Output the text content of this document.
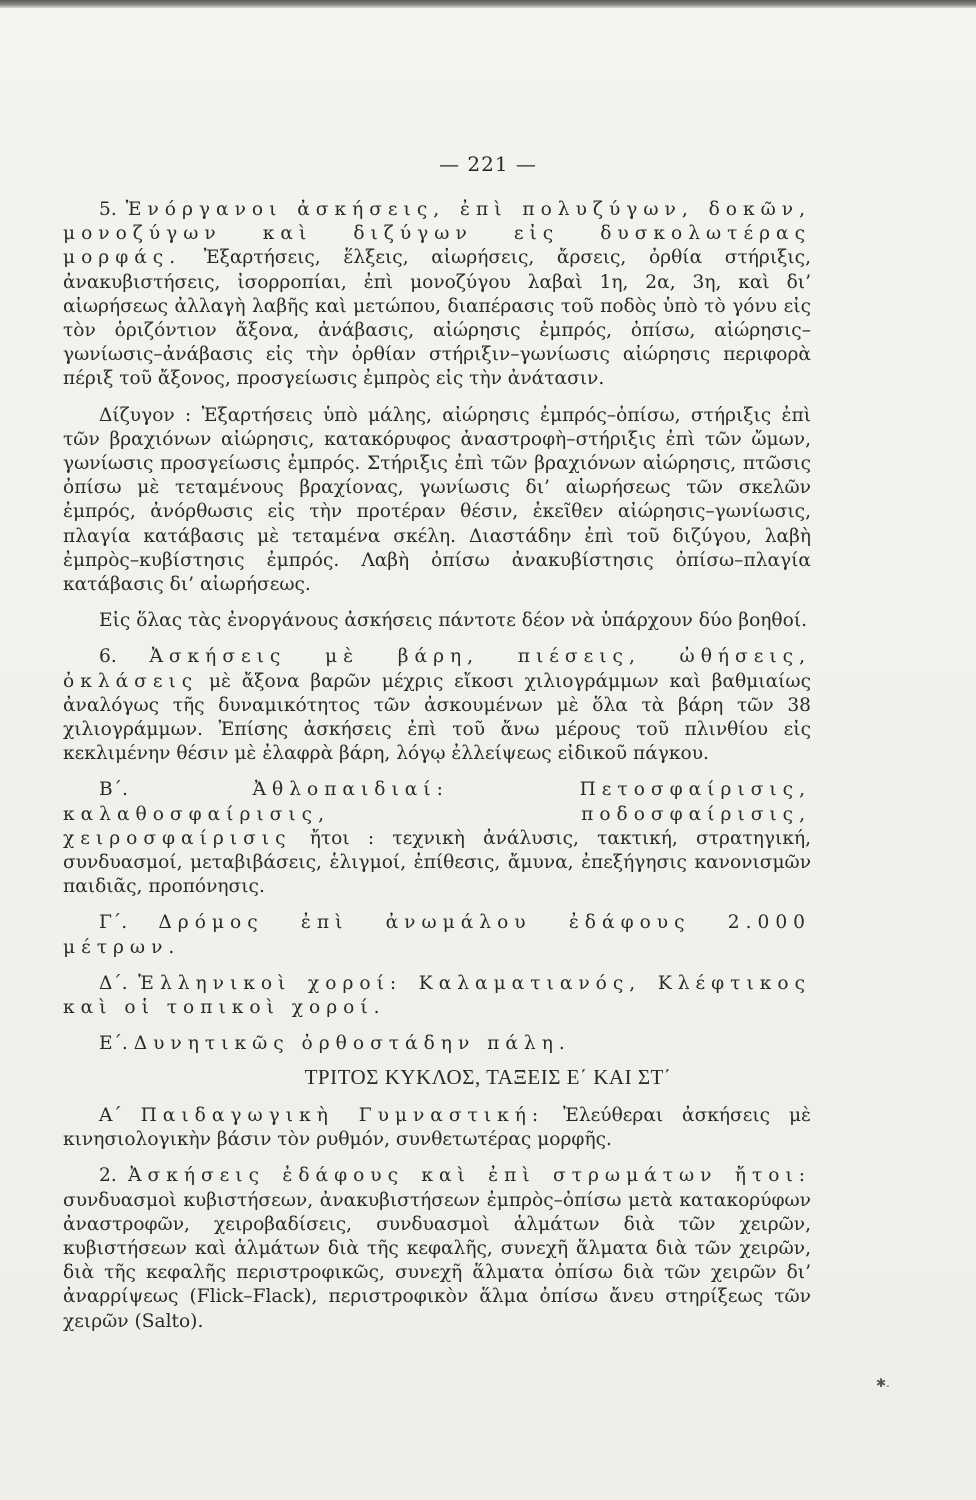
— 221 —

5. Ἐνόργανοι ἀσκήσεις, ἐπὶ πολυζύγων, δοκῶν, μονοζύγων καὶ διζύγων εἰς δυσκολωτέρας μορφάς. Ἐξαρτήσεις, ἕλξεις, αἰωρήσεις, ἄρσεις, ὀρθία στήριξις, ἀνακυβιστήσεις, ἰσορροπίαι, ἐπὶ μονοζύγου λαβαὶ 1η, 2α, 3η, καὶ δι’ αἰωρήσεως ἀλλαγὴ λαβῆς καὶ μετώπου, διαπέρασις τοῦ ποδὸς ὑπὸ τὸ γόνυ εἰς τὸν ὁριζόντιον ἄξονα, ἀνάβασις, αἰώρησις ἐμπρός, ὀπίσω, αἰώρησις–γωνίωσις–ἀνάβασις εἰς τὴν ὀρθίαν στήριξιν–γωνίωσις αἰώρησις περιφορὰ πέριξ τοῦ ἄξονος, προσγείωσις ἐμπρὸς εἰς τὴν ἀνάτασιν.

Δίζυγον : Ἐξαρτήσεις ὑπὸ μάλης, αἰώρησις ἐμπρός–ὀπίσω, στήριξις ἐπὶ τῶν βραχιόνων αἰώρησις, κατακόρυφος ἀναστροφὴ–στήριξις ἐπὶ τῶν ὤμων, γωνίωσις προσγείωσις ἐμπρός. Στήριξις ἐπὶ τῶν βραχιόνων αἰώρησις, πτῶσις ὀπίσω μὲ τεταμένους βραχίονας, γωνίωσις δι’ αἰωρήσεως τῶν σκελῶν ἐμπρός, ἀνόρθωσις εἰς τὴν προτέραν θέσιν, ἐκεῖθεν αἰώρησις–γωνίωσις, πλαγία κατάβασις μὲ τεταμένα σκέλη. Διαστάδην ἐπὶ τοῦ διζύγου, λαβὴ ἐμπρὸς–κυβίστησις ἐμπρός. Λαβὴ ὀπίσω ἀνακυβίστησις ὀπίσω–πλαγία κατάβασις δι’ αἰωρήσεως.

Εἰς ὅλας τὰς ἐνοργάνους ἀσκήσεις πάντοτε δέον νὰ ὑπάρχουν δύο βοηθοί.

6. Ἀσκήσεις μὲ βάρη, πιέσεις, ὠθήσεις, ὀκλάσεις μὲ ἄξονα βαρῶν μέχρις εἴκοσι χιλιογράμμων καὶ βαθμιαίως ἀναλόγως τῆς δυναμικότητος τῶν ἀσκουμένων μὲ ὅλα τὰ βάρη τῶν 38 χιλιογράμμων. Ἐπίσης ἀσκήσεις ἐπὶ τοῦ ἄνω μέρους τοῦ πλινθίου εἰς κεκλιμένην θέσιν μὲ ἐλαφρὰ βάρη, λόγῳ ἐλλείψεως εἰδικοῦ πάγκου.

Β΄. Ἀθλοπαιδιαί: Πετοσφαίρισις, καλαθοσφαίρισις, ποδοσφαίρισις, χειροσφαίρισις ἤτοι : τεχνικὴ ἀνάλυσις, τακτική, στρατηγική, συνδυασμοί, μεταβιβάσεις, ἑλιγμοί, ἐπίθεσις, ἄμυνα, ἐπεξήγησις κανονισμῶν παιδιᾶς, προπόνησις.

Γ΄. Δρόμος ἐπὶ ἀνωμάλου ἐδάφους 2.000 μέτρων.

Δ΄. Ἑλληνικοὶ χοροί: Καλαματιανός, Κλέφτικος καὶ οἱ τοπικοὶ χοροί.

Ε΄. Δυνητικῶς ὀρθοστάδην πάλη.

ΤΡΙΤΟΣ ΚΥΚΛΟΣ, ΤΑΞΕΙΣ Ε΄ ΚΑΙ ΣΤ΄

Α΄ Παιδαγωγικὴ Γυμναστική: Ἐλεύθεραι ἀσκήσεις μὲ κινησιολογικὴν βάσιν τὸν ρυθμόν, συνθετωτέρας μορφῆς.

2. Ἀσκήσεις ἐδάφους καὶ ἐπὶ στρωμάτων ἤτοι: συνδυασμοὶ κυβιστήσεων, ἀνακυβιστήσεων ἐμπρὸς–ὀπίσω μετὰ κατακορύφων ἀναστροφῶν, χειροβαδίσεις, συνδυασμοὶ ἁλμάτων διὰ τῶν χειρῶν, κυβιστήσεων καὶ ἁλμάτων διὰ τῆς κεφαλῆς, συνεχῆ ἅλματα διὰ τῶν χειρῶν, διὰ τῆς κεφαλῆς περιστροφικῶς, συνεχῆ ἅλματα ὀπίσω διὰ τῶν χειρῶν δι’ ἀναρρίψεως (Flick–Flack), περιστροφικὸν ἅλμα ὀπίσω ἄνευ στηρίξεως τῶν χειρῶν (Salto).

✱.
